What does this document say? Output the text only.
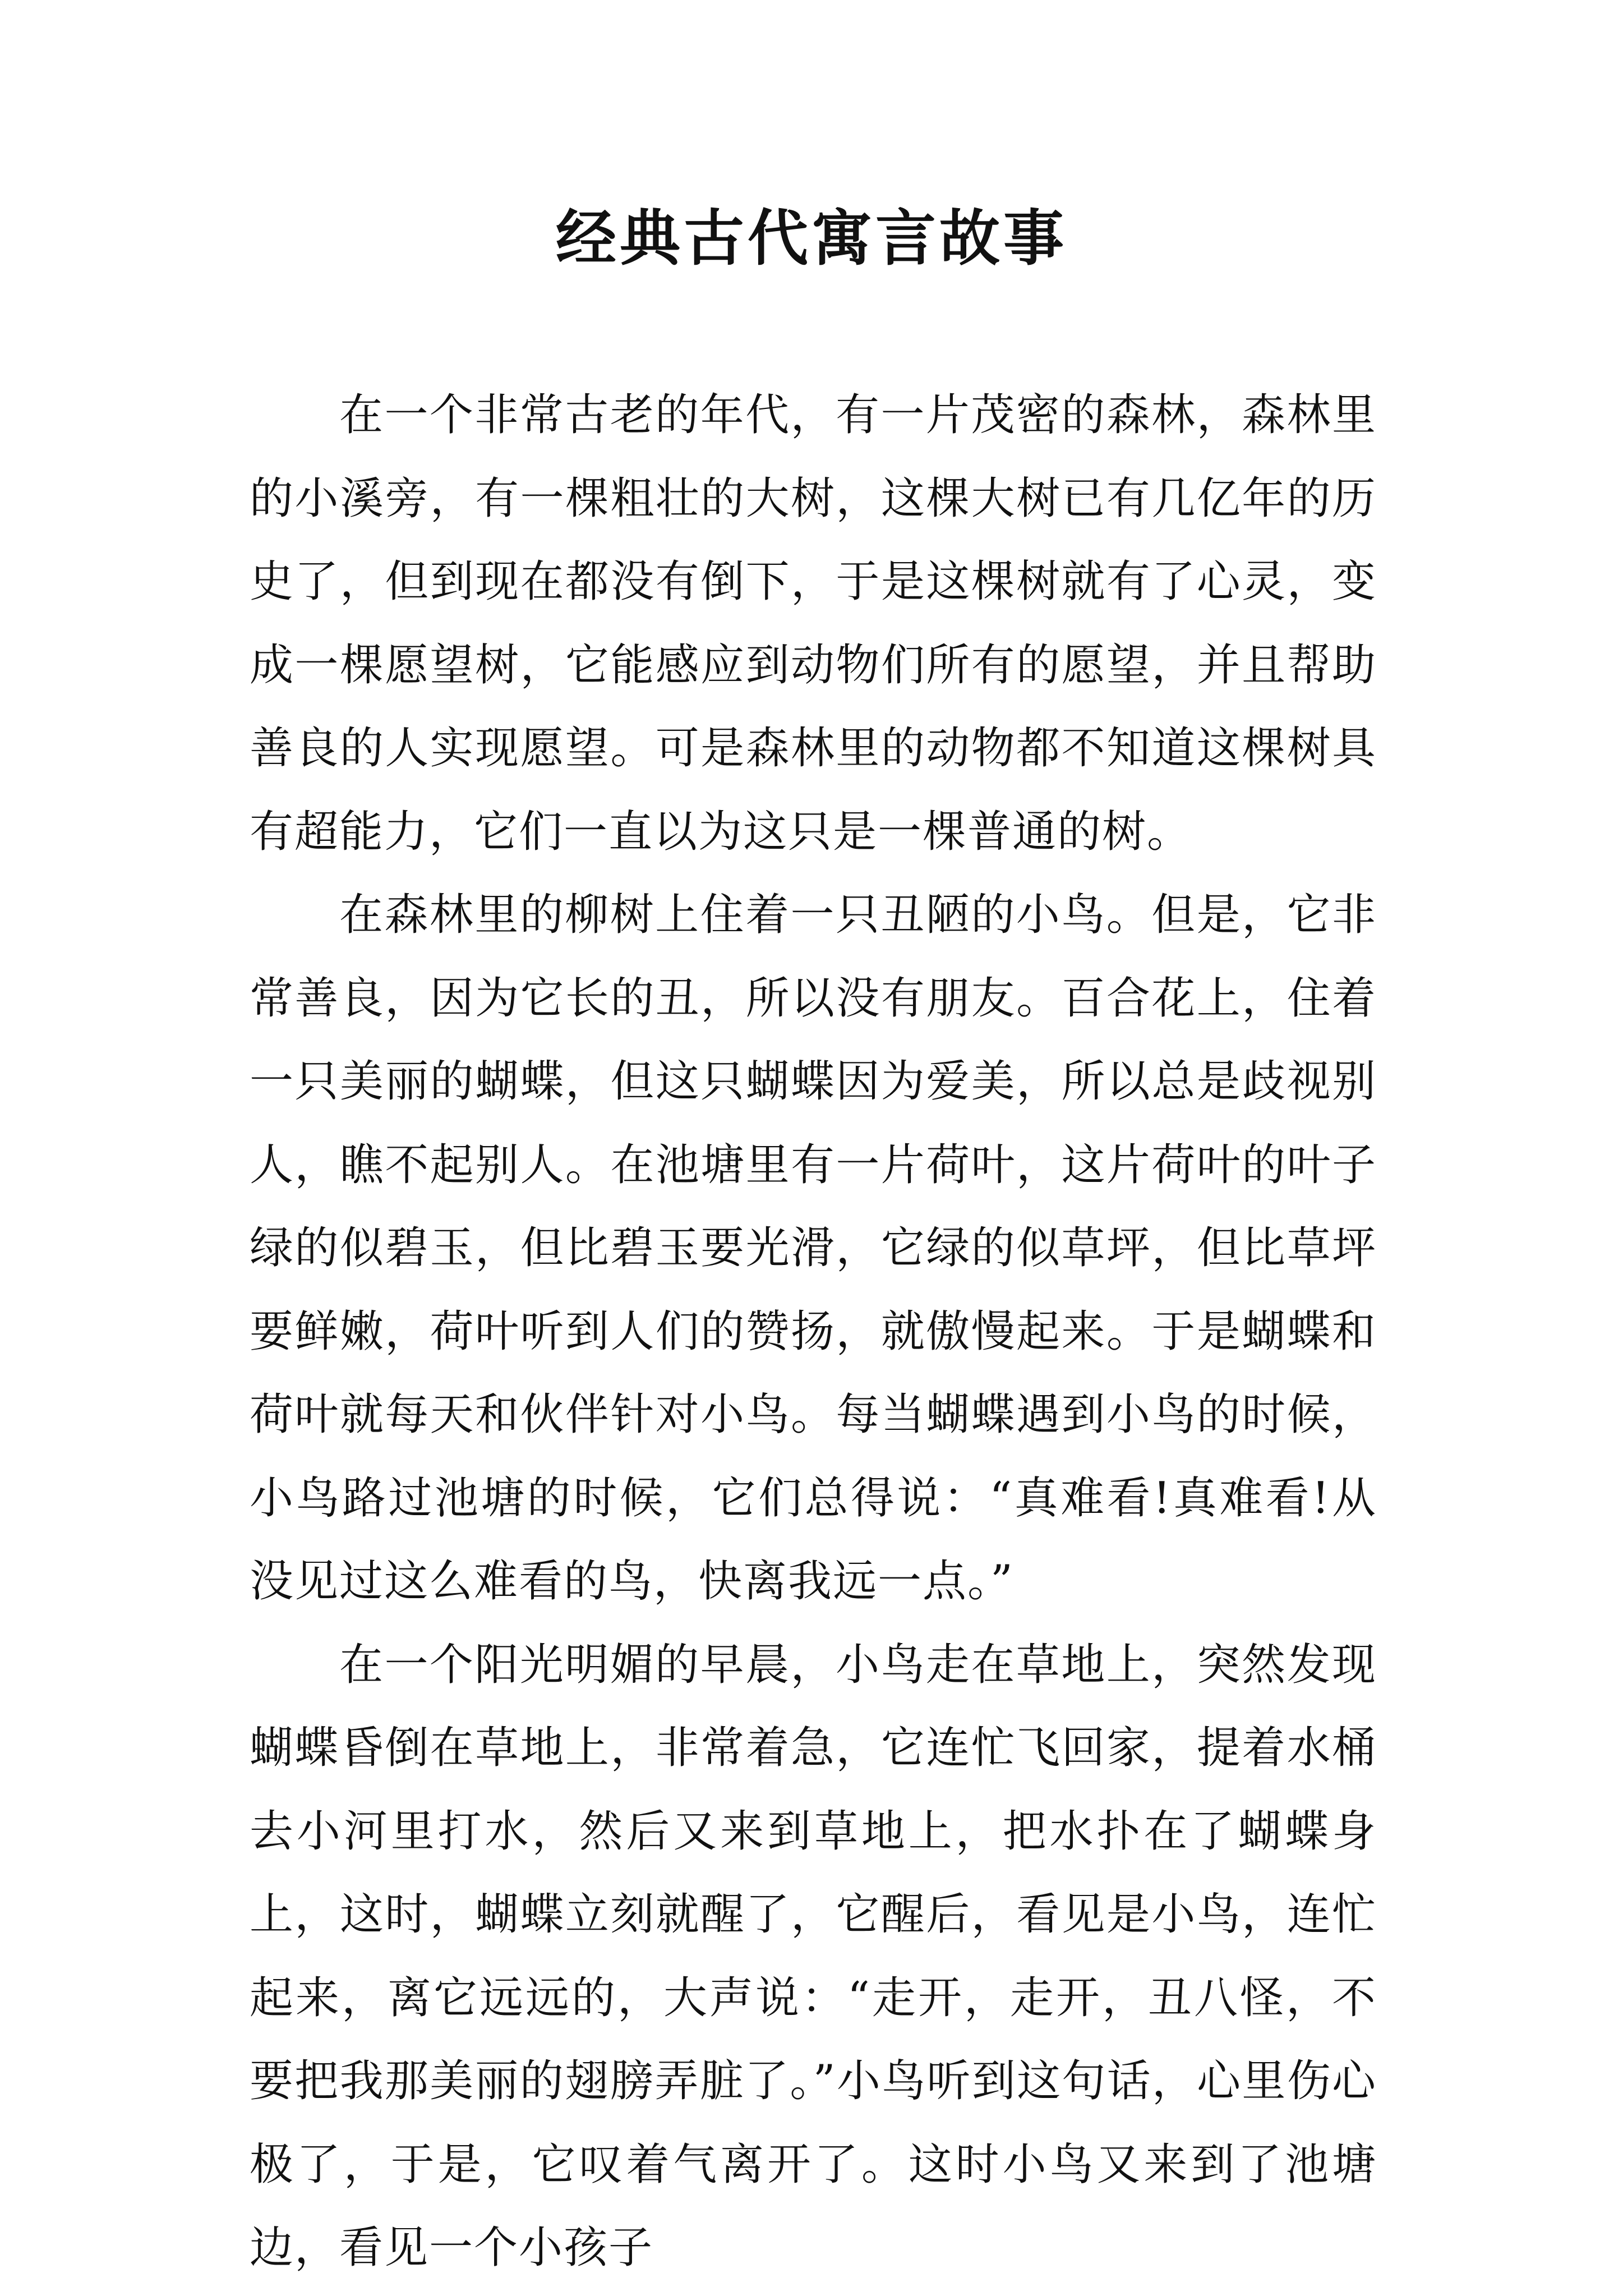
经典古代寓言故事

在一个非常古老的年代，有一片茂密的森林，森林里的小溪旁，有一棵粗壮的大树，这棵大树已有几亿年的历史了，但到现在都没有倒下，于是这棵树就有了心灵，变成一棵愿望树，它能感应到动物们所有的愿望，并且帮助善良的人实现愿望。可是森林里的动物都不知道这棵树具有超能力，它们一直以为这只是一棵普通的树。

在森林里的柳树上住着一只丑陋的小鸟。但是，它非常善良，因为它长的丑，所以没有朋友。百合花上，住着一只美丽的蝴蝶，但这只蝴蝶因为爱美，所以总是歧视别人，瞧不起别人。在池塘里有一片荷叶，这片荷叶的叶子绿的似碧玉，但比碧玉要光滑，它绿的似草坪，但比草坪要鲜嫩，荷叶听到人们的赞扬，就傲慢起来。于是蝴蝶和荷叶就每天和伙伴针对小鸟。每当蝴蝶遇到小鸟的时候，小鸟路过池塘的时候，它们总得说：“真难看!真难看!从没见过这么难看的鸟，快离我远一点。”

在一个阳光明媚的早晨，小鸟走在草地上，突然发现蝴蝶昏倒在草地上，非常着急，它连忙飞回家，提着水桶去小河里打水，然后又来到草地上，把水扑在了蝴蝶身上，这时，蝴蝶立刻就醒了，它醒后，看见是小鸟，连忙起来，离它远远的，大声说：“走开，走开，丑八怪，不要把我那美丽的翅膀弄脏了。”小鸟听到这句话，心里伤心极了，于是，它叹着气离开了。这时小鸟又来到了池塘边，看见一个小孩子
